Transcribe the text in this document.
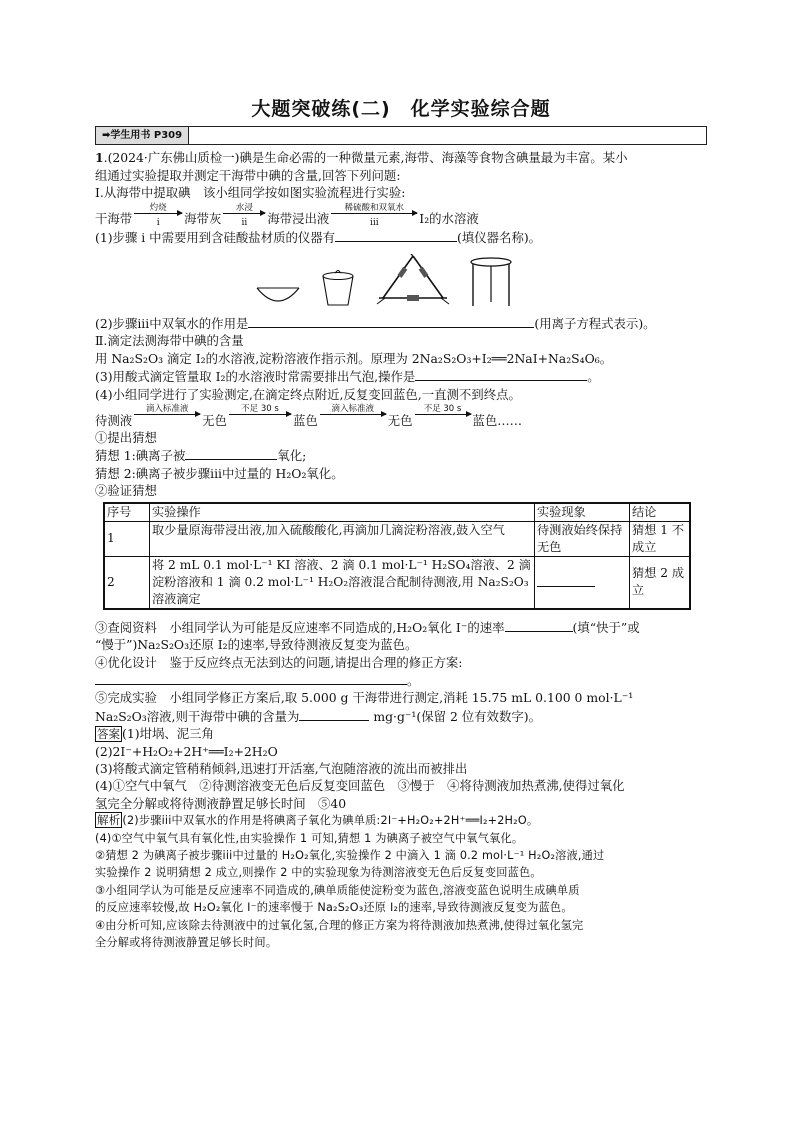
大题突破练(二)　化学实验综合题
➡学生用书 P309

1.(2024·广东佛山质检一)碘是生命必需的一种微量元素,海带、海藻等食物含碘量最为丰富。某小

组通过实验提取并测定干海带中碘的含量,回答下列问题:

Ⅰ.从海带中提取碘　该小组同学按如图实验流程进行实验:

干海带
灼烧
i 海带灰
水浸
ii 海带浸出液
稀硫酸和双氧水
iii	I₂的水溶液

(1)步骤 i 中需要用到含硅酸盐材质的仪器有	(填仪器名称)。

(2)步骤iii中双氧水的作用是	(用离子方程式表示)。

Ⅱ.滴定法测海带中碘的含量

用 Na₂S₂O₃ 滴定 I₂的水溶液,淀粉溶液作指示剂。原理为 2Na₂S₂O₃+I₂══2NaI+Na₂S₄O₆。

(3)用酸式滴定管量取 I₂的水溶液时常需要排出气泡,操作是	。

(4)小组同学进行了实验测定,在滴定终点附近,反复变回蓝色,一直测不到终点。

待测液
滴入标准液
无色
不足 30 s
蓝色
滴入标准液
无色
不足 30 s
蓝色……

①提出猜想

猜想 1:碘离子被	氧化;

猜想 2:碘离子被步骤iii中过量的 H₂O₂氧化。

②验证猜想

序号	实验操作	实验现象	结论
1	取少量原海带浸出液,加入硫酸酸化,再滴加几滴淀粉溶液,鼓入空气	待测液始终保持无色	猜想 1 不成立
2	将 2 mL 0.1 mol·L⁻¹ KI 溶液、2 滴 0.1 mol·L⁻¹ H₂SO₄溶液、2 滴淀粉溶液和 1 滴 0.2 mol·L⁻¹ H₂O₂溶液混合配制待测液,用 Na₂S₂O₃溶液滴定		猜想 2 成立

③查阅资料　小组同学认为可能是反应速率不同造成的,H₂O₂氧化 I⁻的速率	(填“快于”或

“慢于”)Na₂S₂O₃还原 I₂的速率,导致待测液反复变为蓝色。

④优化设计　鉴于反应终点无法到达的问题,请提出合理的修正方案:

。

⑤完成实验　小组同学修正方案后,取 5.000 g 干海带进行测定,消耗 15.75 mL 0.100 0 mol·L⁻¹

Na₂S₂O₃溶液,则干海带中碘的含量为	mg·g⁻¹(保留 2 位有效数字)。

答案 (1)坩埚、泥三角

(2)2I⁻+H₂O₂+2H⁺══I₂+2H₂O

(3)将酸式滴定管稍稍倾斜,迅速打开活塞,气泡随溶液的流出而被排出

(4)①空气中氧气　②待测溶液变无色后反复变回蓝色　③慢于　④将待测液加热煮沸,使得过氧化

氢完全分解或将待测液静置足够长时间　⑤40

解析 (2)步骤iii中双氧水的作用是将碘离子氧化为碘单质:2I⁻+H₂O₂+2H⁺══I₂+2H₂O。

(4)①空气中氧气具有氧化性,由实验操作 1 可知,猜想 1 为碘离子被空气中氧气氧化。

②猜想 2 为碘离子被步骤iii中过量的 H₂O₂氧化,实验操作 2 中滴入 1 滴 0.2 mol·L⁻¹ H₂O₂溶液,通过

实验操作 2 说明猜想 2 成立,则操作 2 中的实验现象为待测溶液变无色后反复变回蓝色。

③小组同学认为可能是反应速率不同造成的,碘单质能使淀粉变为蓝色,溶液变蓝色说明生成碘单质

的反应速率较慢,故 H₂O₂氧化 I⁻的速率慢于 Na₂S₂O₃还原 I₂的速率,导致待测液反复变为蓝色。

④由分析可知,应该除去待测液中的过氧化氢,合理的修正方案为将待测液加热煮沸,使得过氧化氢完

全分解或将待测液静置足够长时间。
